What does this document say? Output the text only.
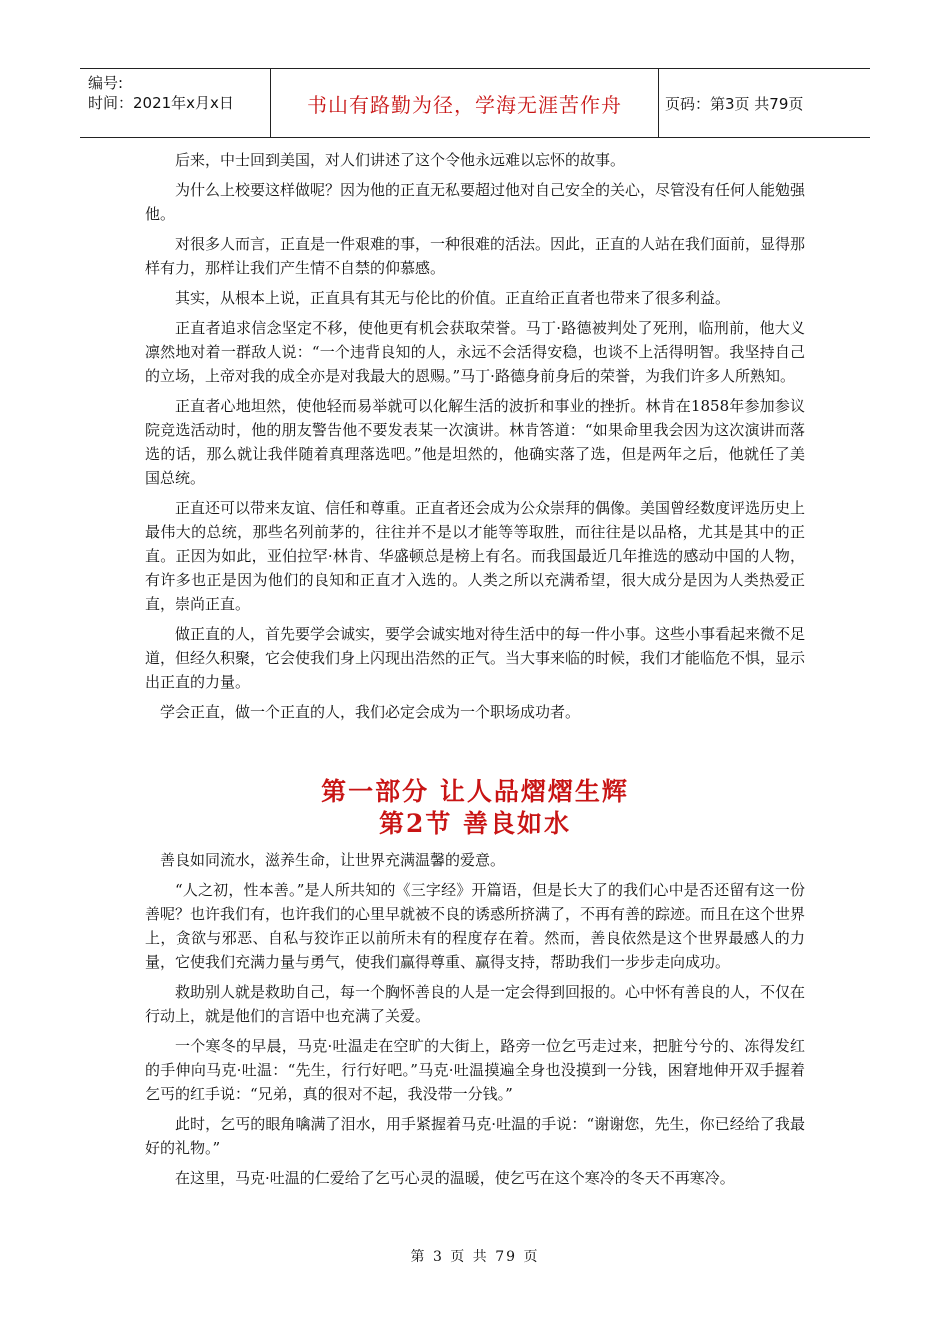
编号:
时间：2021年x月x日	书山有路勤为径，学海无涯苦作舟	页码：第3页 共79页

后来，中士回到美国，对人们讲述了这个令他永远难以忘怀的故事。

为什么上校要这样做呢？因为他的正直无私要超过他对自己安全的关心，尽管没有任何人能勉强他。

对很多人而言，正直是一件艰难的事，一种很难的活法。因此，正直的人站在我们面前，显得那样有力，那样让我们产生情不自禁的仰慕感。

其实，从根本上说，正直具有其无与伦比的价值。正直给正直者也带来了很多利益。

正直者追求信念坚定不移，使他更有机会获取荣誉。马丁·路德被判处了死刑，临刑前，他大义凛然地对着一群敌人说：“一个违背良知的人，永远不会活得安稳，也谈不上活得明智。我坚持自己的立场，上帝对我的成全亦是对我最大的恩赐。”马丁·路德身前身后的荣誉，为我们许多人所熟知。

正直者心地坦然，使他轻而易举就可以化解生活的波折和事业的挫折。林肯在1858年参加参议院竞选活动时，他的朋友警告他不要发表某一次演讲。林肯答道：“如果命里我会因为这次演讲而落选的话，那么就让我伴随着真理落选吧。”他是坦然的，他确实落了选，但是两年之后，他就任了美国总统。

正直还可以带来友谊、信任和尊重。正直者还会成为公众崇拜的偶像。美国曾经数度评选历史上最伟大的总统，那些名列前茅的，往往并不是以才能等等取胜，而往往是以品格，尤其是其中的正直。正因为如此，亚伯拉罕·林肯、华盛顿总是榜上有名。而我国最近几年推选的感动中国的人物，有许多也正是因为他们的良知和正直才入选的。人类之所以充满希望，很大成分是因为人类热爱正直，崇尚正直。

做正直的人，首先要学会诚实，要学会诚实地对待生活中的每一件小事。这些小事看起来微不足道，但经久积聚，它会使我们身上闪现出浩然的正气。当大事来临的时候，我们才能临危不惧，显示出正直的力量。

学会正直，做一个正直的人，我们必定会成为一个职场成功者。

第一部分 让人品熠熠生辉
第2节 善良如水

善良如同流水，滋养生命，让世界充满温馨的爱意。

“人之初，性本善。”是人所共知的《三字经》开篇语，但是长大了的我们心中是否还留有这一份善呢？也许我们有，也许我们的心里早就被不良的诱惑所挤满了，不再有善的踪迹。而且在这个世界上，贪欲与邪恶、自私与狡诈正以前所未有的程度存在着。然而，善良依然是这个世界最感人的力量，它使我们充满力量与勇气，使我们赢得尊重、赢得支持，帮助我们一步步走向成功。

救助别人就是救助自己，每一个胸怀善良的人是一定会得到回报的。心中怀有善良的人，不仅在行动上，就是他们的言语中也充满了关爱。

一个寒冬的早晨，马克·吐温走在空旷的大街上，路旁一位乞丐走过来，把脏兮兮的、冻得发红的手伸向马克·吐温：“先生，行行好吧。”马克·吐温摸遍全身也没摸到一分钱，困窘地伸开双手握着乞丐的红手说：“兄弟，真的很对不起，我没带一分钱。”

此时，乞丐的眼角噙满了泪水，用手紧握着马克·吐温的手说：“谢谢您，先生，你已经给了我最好的礼物。”

在这里，马克·吐温的仁爱给了乞丐心灵的温暖，使乞丐在这个寒冷的冬天不再寒冷。

第 3 页 共 79 页
